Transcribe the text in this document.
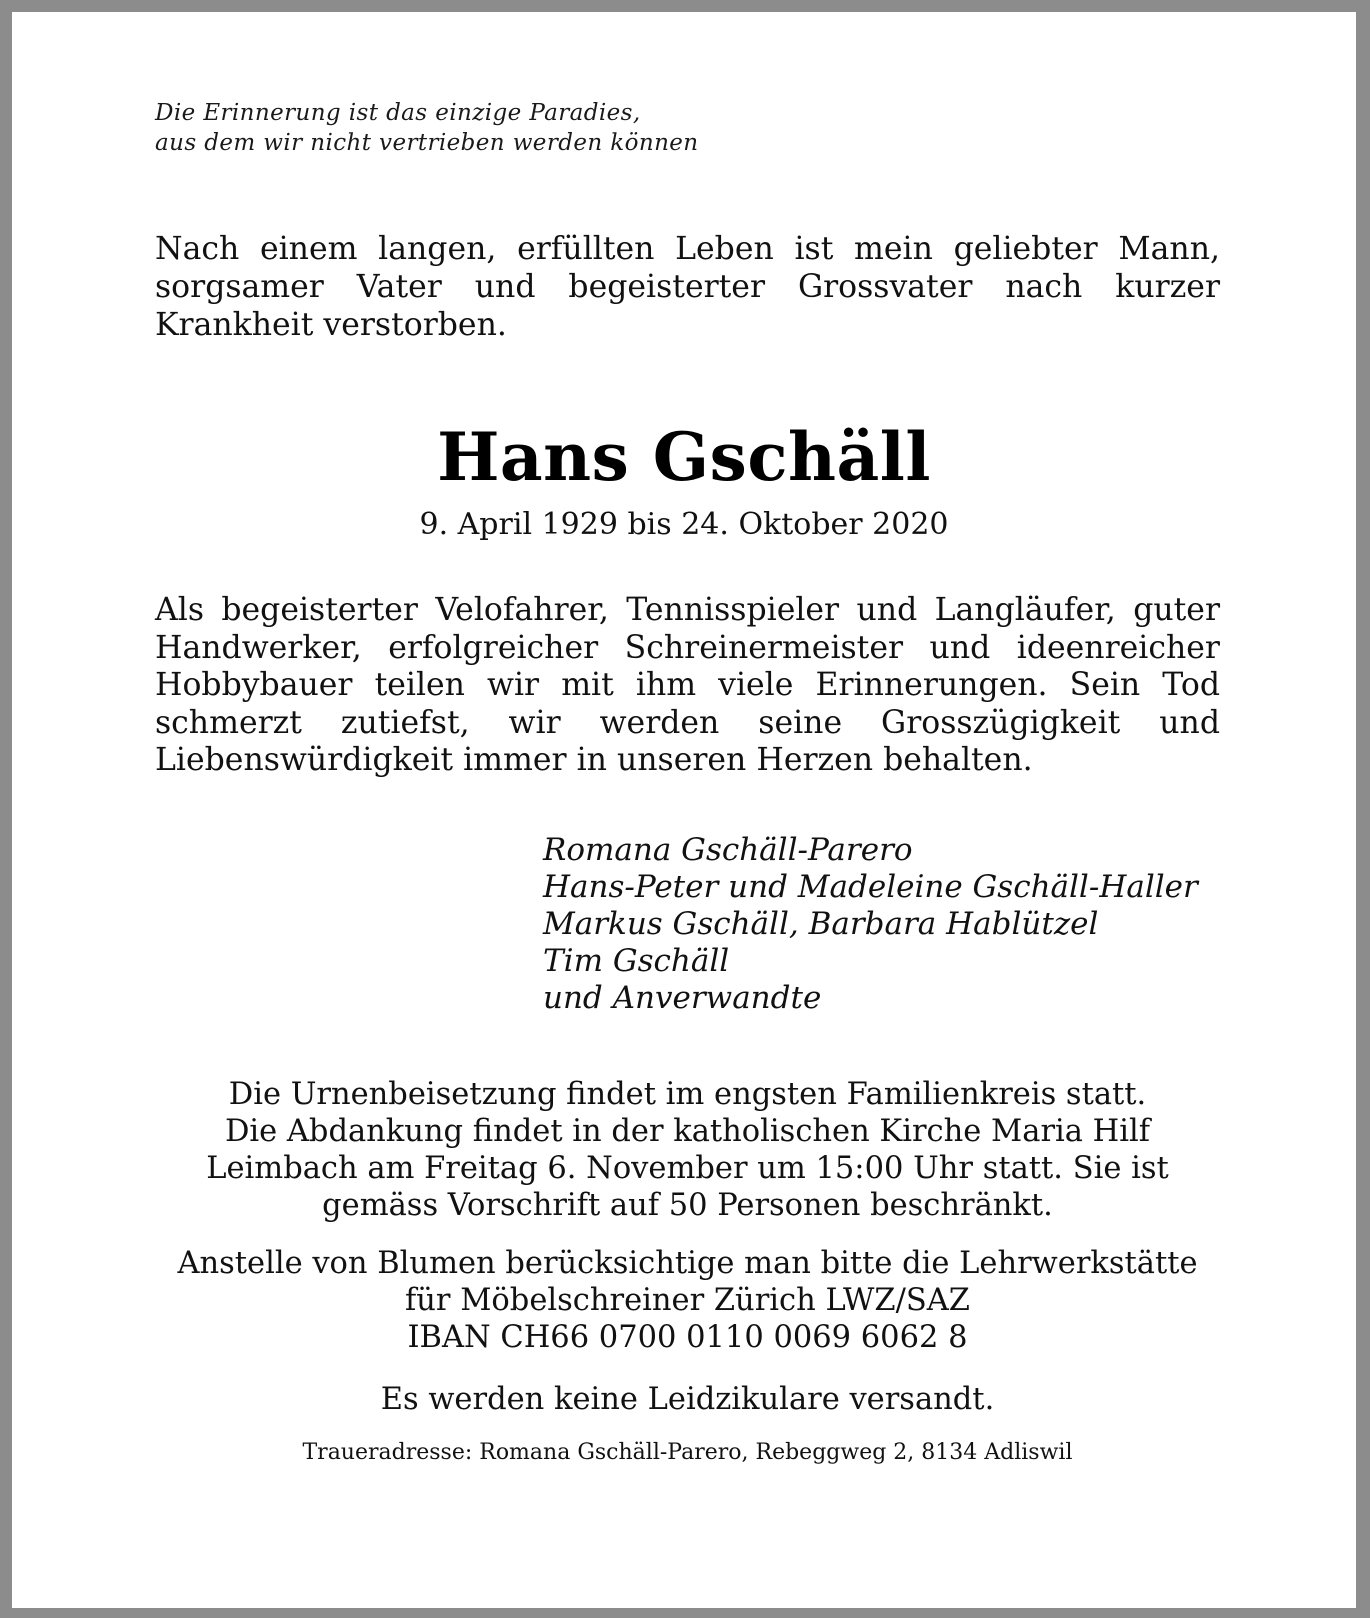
Die Erinnerung ist das einzige Paradies,
aus dem wir nicht vertrieben werden können

Nach einem langen, erfüllten Leben ist mein geliebter Mann, sorgsamer Vater und begeisterter Grossvater nach kurzer Krankheit verstorben.

Hans Gschäll
9. April 1929 bis 24. Oktober 2020

Als begeisterter Velofahrer, Tennisspieler und Langläufer, guter Handwerker, erfolgreicher Schreinermeister und ideenreicher Hobbybauer teilen wir mit ihm viele Erinnerungen. Sein Tod schmerzt zutiefst, wir werden seine Grosszügigkeit und Liebenswürdigkeit immer in unseren Herzen behalten.

Romana Gschäll-Parero
Hans-Peter und Madeleine Gschäll-Haller
Markus Gschäll, Barbara Hablützel
Tim Gschäll
und Anverwandte
Die Urnenbeisetzung findet im engsten Familienkreis statt.
Die Abdankung findet in der katholischen Kirche Maria Hilf
Leimbach am Freitag 6. November um 15:00 Uhr statt. Sie ist
gemäss Vorschrift auf 50 Personen beschränkt.
Anstelle von Blumen berücksichtige man bitte die Lehrwerkstätte
für Möbelschreiner Zürich LWZ/SAZ
IBAN CH66 0700 0110 0069 6062 8
Es werden keine Leidzikulare versandt.
Traueradresse: Romana Gschäll-Parero, Rebeggweg 2, 8134 Adliswil
